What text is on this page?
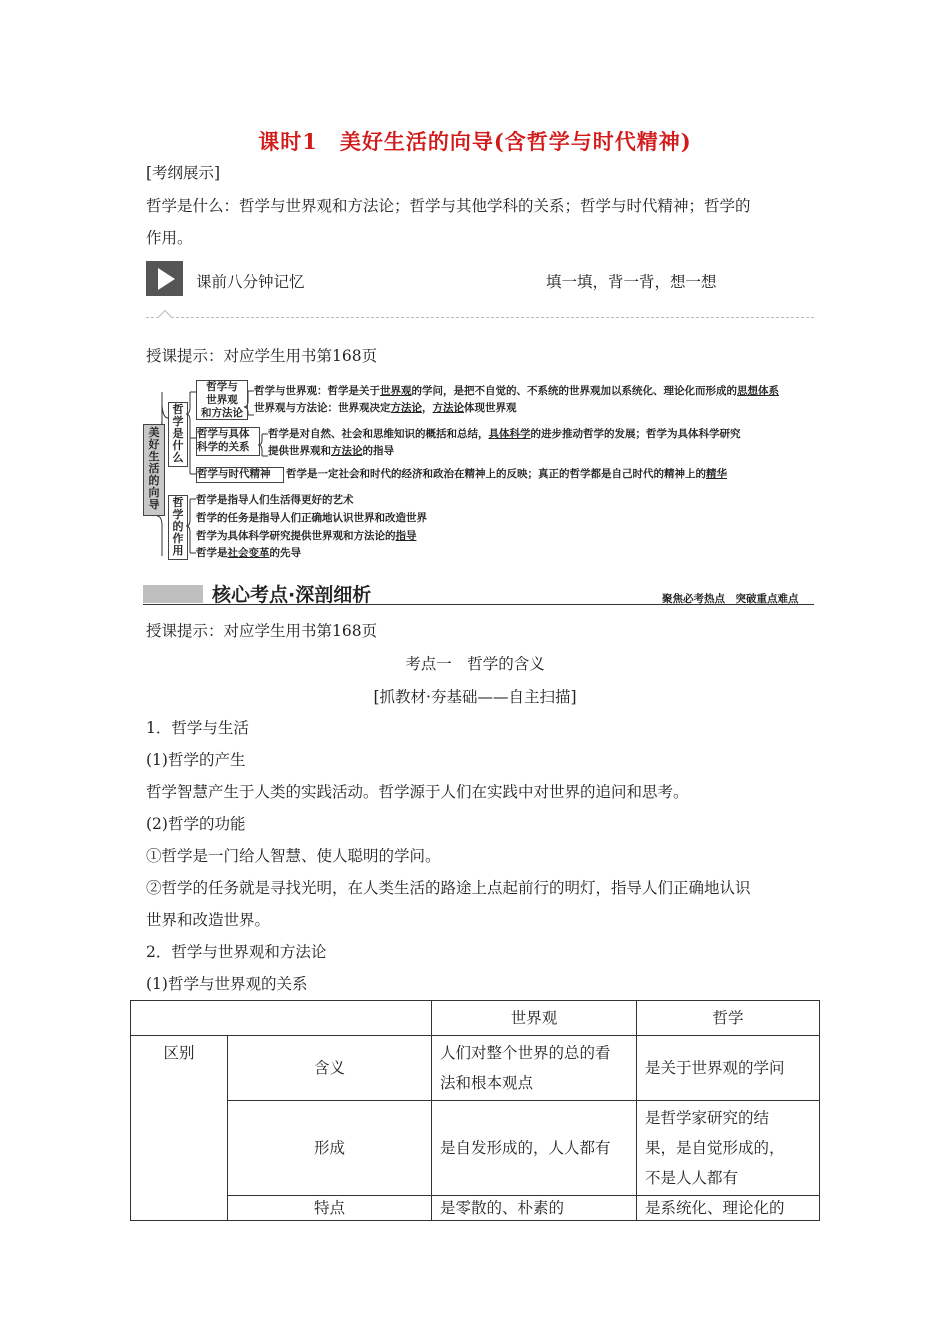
课时1　美好生活的向导(含哲学与时代精神)
[考纲展示]
哲学是什么：哲学与世界观和方法论；哲学与其他学科的关系；哲学与时代精神；哲学的
作用。
课前八分钟记忆	填一填，背一背，想一想
授课提示：对应学生用书第168页
美好生活的向导
哲学是什么
哲学的作用
哲学与
世界观
和方法论
哲学与具体
科学的关系
哲学与时代精神
哲学与世界观：哲学是关于世界观的学问，是把不自觉的、不系统的世界观加以系统化、理论化而形成的思想体系
世界观与方法论：世界观决定方法论，方法论体现世界观
哲学是对自然、社会和思维知识的概括和总结，具体科学的进步推动哲学的发展；哲学为具体科学研究
提供世界观和方法论的指导
哲学是一定社会和时代的经济和政治在精神上的反映；真正的哲学都是自己时代的精神上的精华
哲学是指导人们生活得更好的艺术
哲学的任务是指导人们正确地认识世界和改造世界
哲学为具体科学研究提供世界观和方法论的指导
哲学是社会变革的先导
核心考点·深剖细析	聚焦必考热点　突破重点难点
授课提示：对应学生用书第168页
考点一　哲学的含义
[抓教材·夯基础——自主扫描]
1．哲学与生活
(1)哲学的产生
哲学智慧产生于人类的实践活动。哲学源于人们在实践中对世界的追问和思考。
(2)哲学的功能
①哲学是一门给人智慧、使人聪明的学问。
②哲学的任务就是寻找光明，在人类生活的路途上点起前行的明灯，指导人们正确地认识
世界和改造世界。
2．哲学与世界观和方法论
(1)哲学与世界观的关系
		世界观	哲学
区别	含义	人们对整个世界的总的看
法和根本观点	是关于世界观的学问

	形成	是自发形成的，人人都有	是哲学家研究的结
果，是自觉形成的，
不是人人都有

	特点	是零散的、朴素的	是系统化、理论化的
